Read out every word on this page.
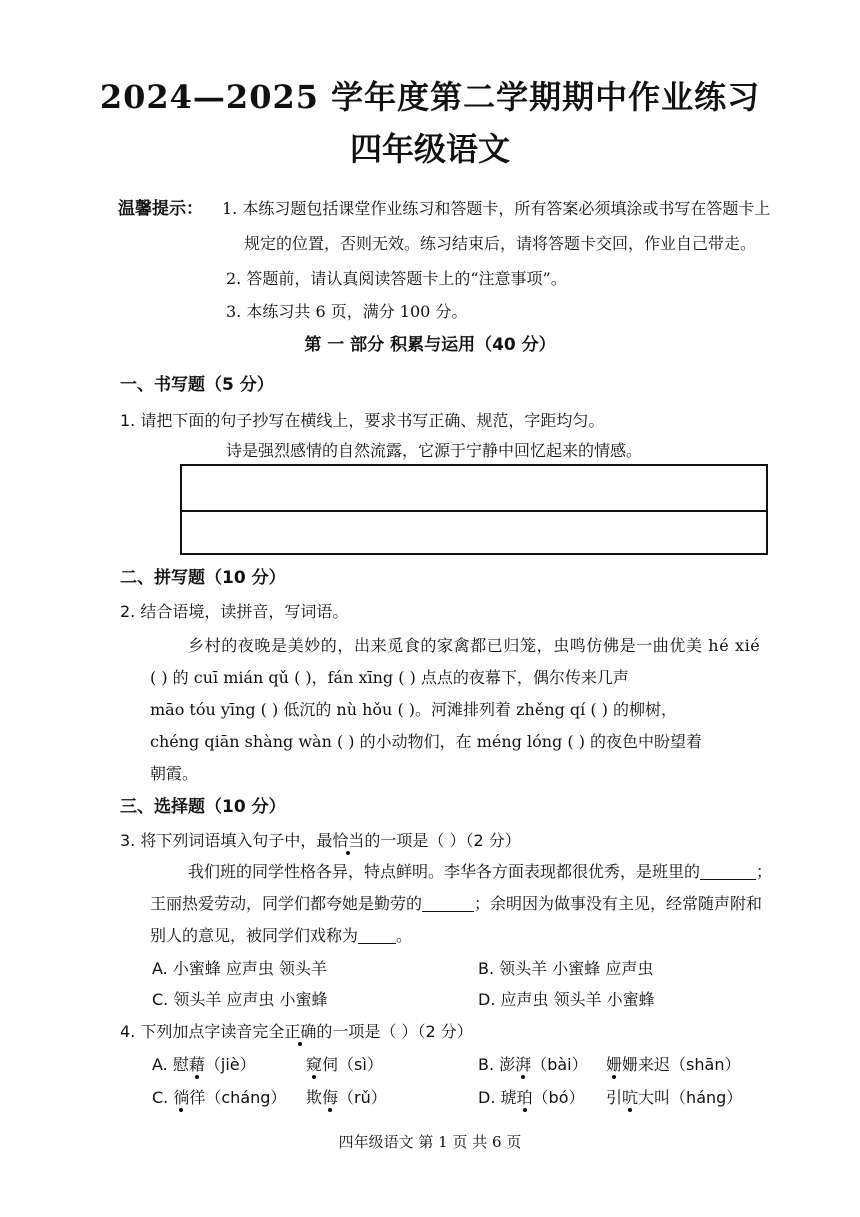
2024—2025 学年度第二学期期中作业练习
四年级语文
温馨提示： 1. 本练习题包括课堂作业练习和答题卡，所有答案必须填涂或书写在答题卡上
规定的位置，否则无效。练习结束后，请将答题卡交回，作业自己带走。
2. 答题前，请认真阅读答题卡上的“注意事项”。
3. 本练习共 6 页，满分 100 分。
第 一 部分 积累与运用（40 分）
一、书写题（5 分）
1. 请把下面的句子抄写在横线上，要求书写正确、规范，字距均匀。
诗是强烈感情的自然流露，它源于宁静中回忆起来的情感。
二、拼写题（10 分）
2. 结合语境，读拼音，写词语。
乡村的夜晚是美妙的，出来觅食的家禽都已归笼，虫鸣仿佛是一曲优美 hé xié
( ) 的 cuī mián qǔ ( )，fán xīng ( ) 点点的夜幕下，偶尔传来几声
māo tóu yīng ( ) 低沉的 nù hǒu ( )。河滩排列着 zhěng qí ( ) 的柳树，
chéng qiān shàng wàn ( ) 的小动物们，在 méng lóng ( ) 的夜色中盼望着
朝霞。
三、选择题（10 分）
3. 将下列词语填入句子中，最恰当的一项是（ ）（2 分）
我们班的同学性格各异，特点鲜明。李华各方面表现都很优秀，是班里的	；
王丽热爱劳动，同学们都夸她是勤劳的	；余明因为做事没有主见，经常随声附和
别人的意见，被同学们戏称为 。
A. 小蜜蜂 应声虫 领头羊	B. 领头羊 小蜜蜂 应声虫
C. 领头羊 应声虫 小蜜蜂	D. 应声虫 领头羊 小蜜蜂
4. 下列加点字读音完全正确的一项是（ ）（2 分）
A. 慰藉（jiè）	窥伺（sì）	B. 澎湃（bài） 姗姗来迟（shān）
C. 徜徉（cháng） 欺侮（rǔ）	D. 琥珀（bó） 引吭大叫（háng）
四年级语文 第 1 页 共 6 页
